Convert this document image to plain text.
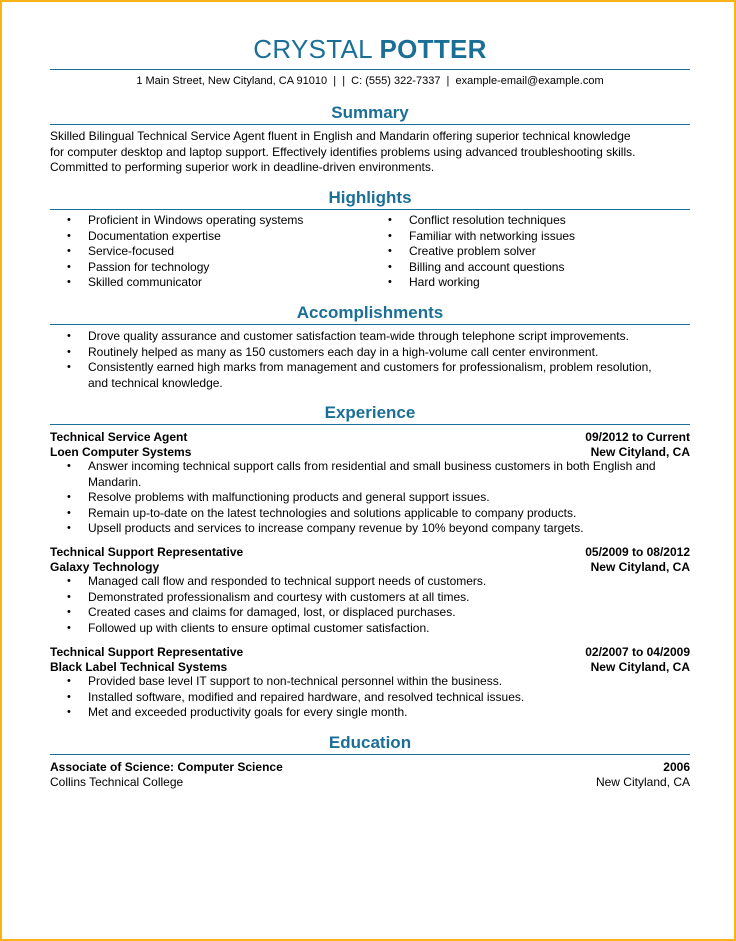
CRYSTAL POTTER
1 Main Street, New Cityland, CA 91010  |  |  C: (555) 322-7337  |  example-email@example.com
Summary
Skilled Bilingual Technical Service Agent fluent in English and Mandarin offering superior technical knowledge
for computer desktop and laptop support. Effectively identifies problems using advanced troubleshooting skills.
Committed to performing superior work in deadline-driven environments.
Highlights
• Proficient in Windows operating systems
• Documentation expertise
• Service-focused
• Passion for technology
• Skilled communicator
• Conflict resolution techniques
• Familiar with networking issues
• Creative problem solver
• Billing and account questions
• Hard working
Accomplishments
• Drove quality assurance and customer satisfaction team-wide through telephone script improvements.
• Routinely helped as many as 150 customers each day in a high-volume call center environment.
• Consistently earned high marks from management and customers for professionalism, problem resolution,
and technical knowledge.
Experience
Technical Service Agent	09/2012 to Current
Loen Computer Systems	New Cityland, CA
• Answer incoming technical support calls from residential and small business customers in both English and
Mandarin.
• Resolve problems with malfunctioning products and general support issues.
• Remain up-to-date on the latest technologies and solutions applicable to company products.
• Upsell products and services to increase company revenue by 10% beyond company targets.
Technical Support Representative	05/2009 to 08/2012
Galaxy Technology	New Cityland, CA
• Managed call flow and responded to technical support needs of customers.
• Demonstrated professionalism and courtesy with customers at all times.
• Created cases and claims for damaged, lost, or displaced purchases.
• Followed up with clients to ensure optimal customer satisfaction.
Technical Support Representative	02/2007 to 04/2009
Black Label Technical Systems	New Cityland, CA
• Provided base level IT support to non-technical personnel within the business.
• Installed software, modified and repaired hardware, and resolved technical issues.
• Met and exceeded productivity goals for every single month.
Education
Associate of Science: Computer Science	2006
Collins Technical College	New Cityland, CA
